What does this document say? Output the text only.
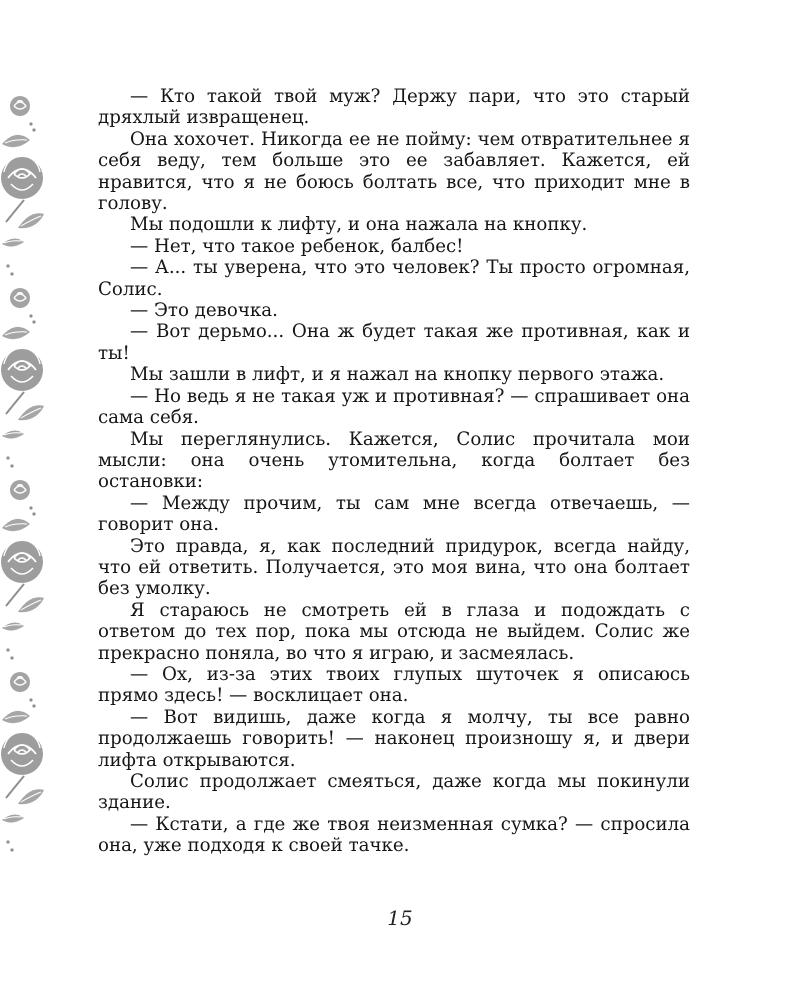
— Кто такой твой муж? Держу пари, что это старый дряхлый извращенец.

Она хохочет. Никогда ее не пойму: чем отвратительнее я себя веду, тем больше это ее забавляет. Кажется, ей нравится, что я не боюсь болтать все, что приходит мне в голову.

Мы подошли к лифту, и она нажала на кнопку.

— Нет, что такое ребенок, балбес!

— А... ты уверена, что это человек? Ты просто огромная, Солис.

— Это девочка.

— Вот дерьмо... Она ж будет такая же противная, как и ты!

Мы зашли в лифт, и я нажал на кнопку первого этажа.

— Но ведь я не такая уж и противная? — спрашивает она сама себя.

Мы переглянулись. Кажется, Солис прочитала мои мысли: она очень утомительна, когда болтает без остановки:

— Между прочим, ты сам мне всегда отвечаешь, — говорит она.

Это правда, я, как последний придурок, всегда найду, что ей ответить. Получается, это моя вина, что она болтает без умолку.

Я стараюсь не смотреть ей в глаза и подождать с ответом до тех пор, пока мы отсюда не выйдем. Солис же прекрасно поняла, во что я играю, и засмеялась.

— Ох, из-за этих твоих глупых шуточек я описаюсь прямо здесь! — восклицает она.

— Вот видишь, даже когда я молчу, ты все равно продолжаешь говорить! — наконец произношу я, и двери лифта открываются.

Солис продолжает смеяться, даже когда мы покинули здание.

— Кстати, а где же твоя неизменная сумка? — спросила она, уже подходя к своей тачке.

15
